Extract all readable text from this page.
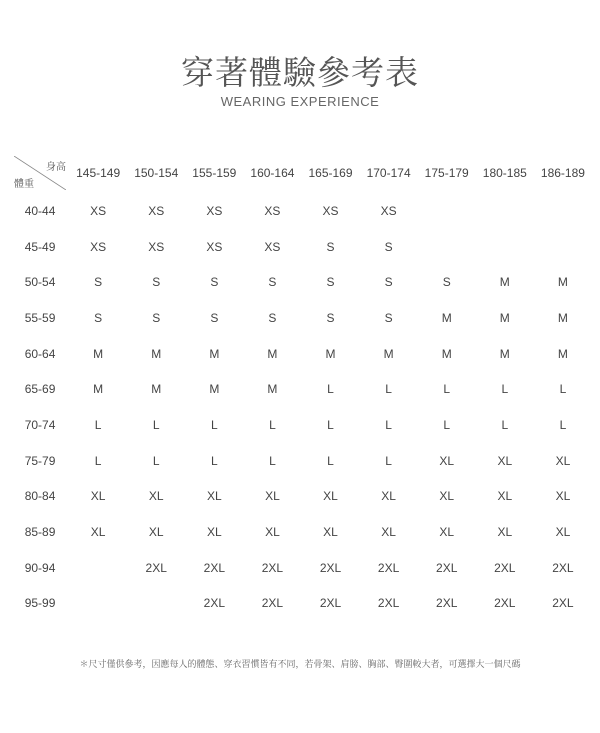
穿著體驗參考表
WEARING EXPERIENCE
身高
體重	145-149	150-154	155-159	160-164	165-169	170-174	175-179	180-185	186-189
40-44	XS	XS	XS	XS	XS	XS			
45-49	XS	XS	XS	XS	S	S			
50-54	S	S	S	S	S	S	S	M	M
55-59	S	S	S	S	S	S	M	M	M
60-64	M	M	M	M	M	M	M	M	M
65-69	M	M	M	M	L	L	L	L	L
70-74	L	L	L	L	L	L	L	L	L
75-79	L	L	L	L	L	L	XL	XL	XL
80-84	XL	XL	XL	XL	XL	XL	XL	XL	XL
85-89	XL	XL	XL	XL	XL	XL	XL	XL	XL
90-94		2XL	2XL	2XL	2XL	2XL	2XL	2XL	2XL
95-99			2XL	2XL	2XL	2XL	2XL	2XL	2XL
＊尺寸僅供參考，因應每人的體態、穿衣習慣皆有不同，若骨架、肩膀、胸部、臀圍較大者，可選擇大一個尺碼
